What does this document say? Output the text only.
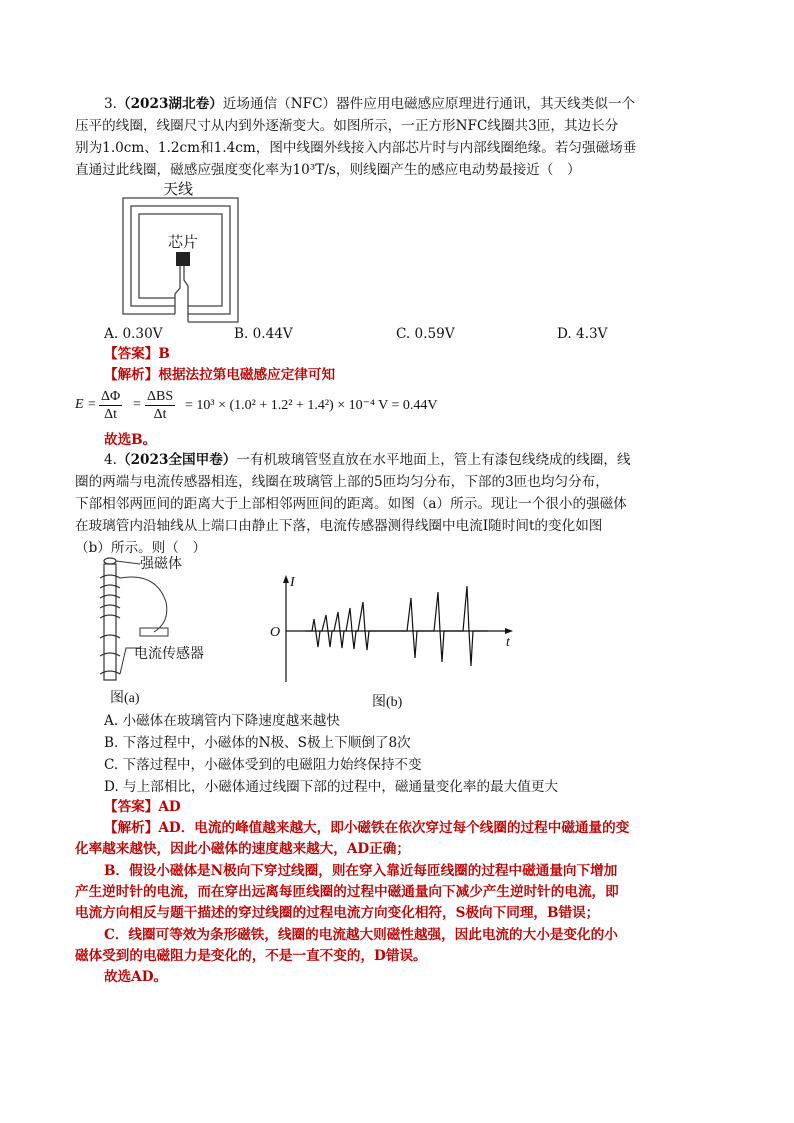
3.（2023湖北卷）近场通信（NFC）器件应用电磁感应原理进行通讯，其天线类似一个
压平的线圈，线圈尺寸从内到外逐渐变大。如图所示，一正方形NFC线圈共3匝，其边长分
别为1.0cm、1.2cm和1.4cm，图中线圈外线接入内部芯片时与内部线圈绝缘。若匀强磁场垂
直通过此线圈，磁感应强度变化率为10³T/s，则线圈产生的感应电动势最接近（　）
天线
芯片
A. 0.30V	B. 0.44V	C. 0.59V	D. 4.3V
【答案】B
【解析】根据法拉第电磁感应定律可知
$E = \frac{\Delta\Phi}{\Delta t}$ =
ΔBS
Δt
= 10³ × (1.0² + 1.2² + 1.4²) × 10⁻⁴ V = 0.44V
故选B。
4.（2023全国甲卷）一有机玻璃管竖直放在水平地面上，管上有漆包线绕成的线圈，线
圈的两端与电流传感器相连，线圈在玻璃管上部的5匝均匀分布，下部的3匝也均匀分布，
下部相邻两匝间的距离大于上部相邻两匝间的距离。如图（a）所示。现让一个很小的强磁体
在玻璃管内沿轴线从上端口由静止下落，电流传感器测得线圈中电流I随时间t的变化如图
（b）所示。则（　）
强磁体
电流传感器
图(a)
I
t
O
图(b)
A. 小磁体在玻璃管内下降速度越来越快
B. 下落过程中，小磁体的N极、S极上下顺倒了8次
C. 下落过程中，小磁体受到的电磁阻力始终保持不变
D. 与上部相比，小磁体通过线圈下部的过程中，磁通量变化率的最大值更大
【答案】AD
【解析】AD．电流的峰值越来越大，即小磁铁在依次穿过每个线圈的过程中磁通量的变
化率越来越快，因此小磁体的速度越来越大，AD正确；
B．假设小磁体是N极向下穿过线圈，则在穿入靠近每匝线圈的过程中磁通量向下增加
产生逆时针的电流，而在穿出远离每匝线圈的过程中磁通量向下减少产生逆时针的电流，即
电流方向相反与题干描述的穿过线圈的过程电流方向变化相符，S极向下同理，B错误；
C．线圈可等效为条形磁铁，线圈的电流越大则磁性越强，因此电流的大小是变化的小
磁体受到的电磁阻力是变化的，不是一直不变的，D错误。
故选AD。
